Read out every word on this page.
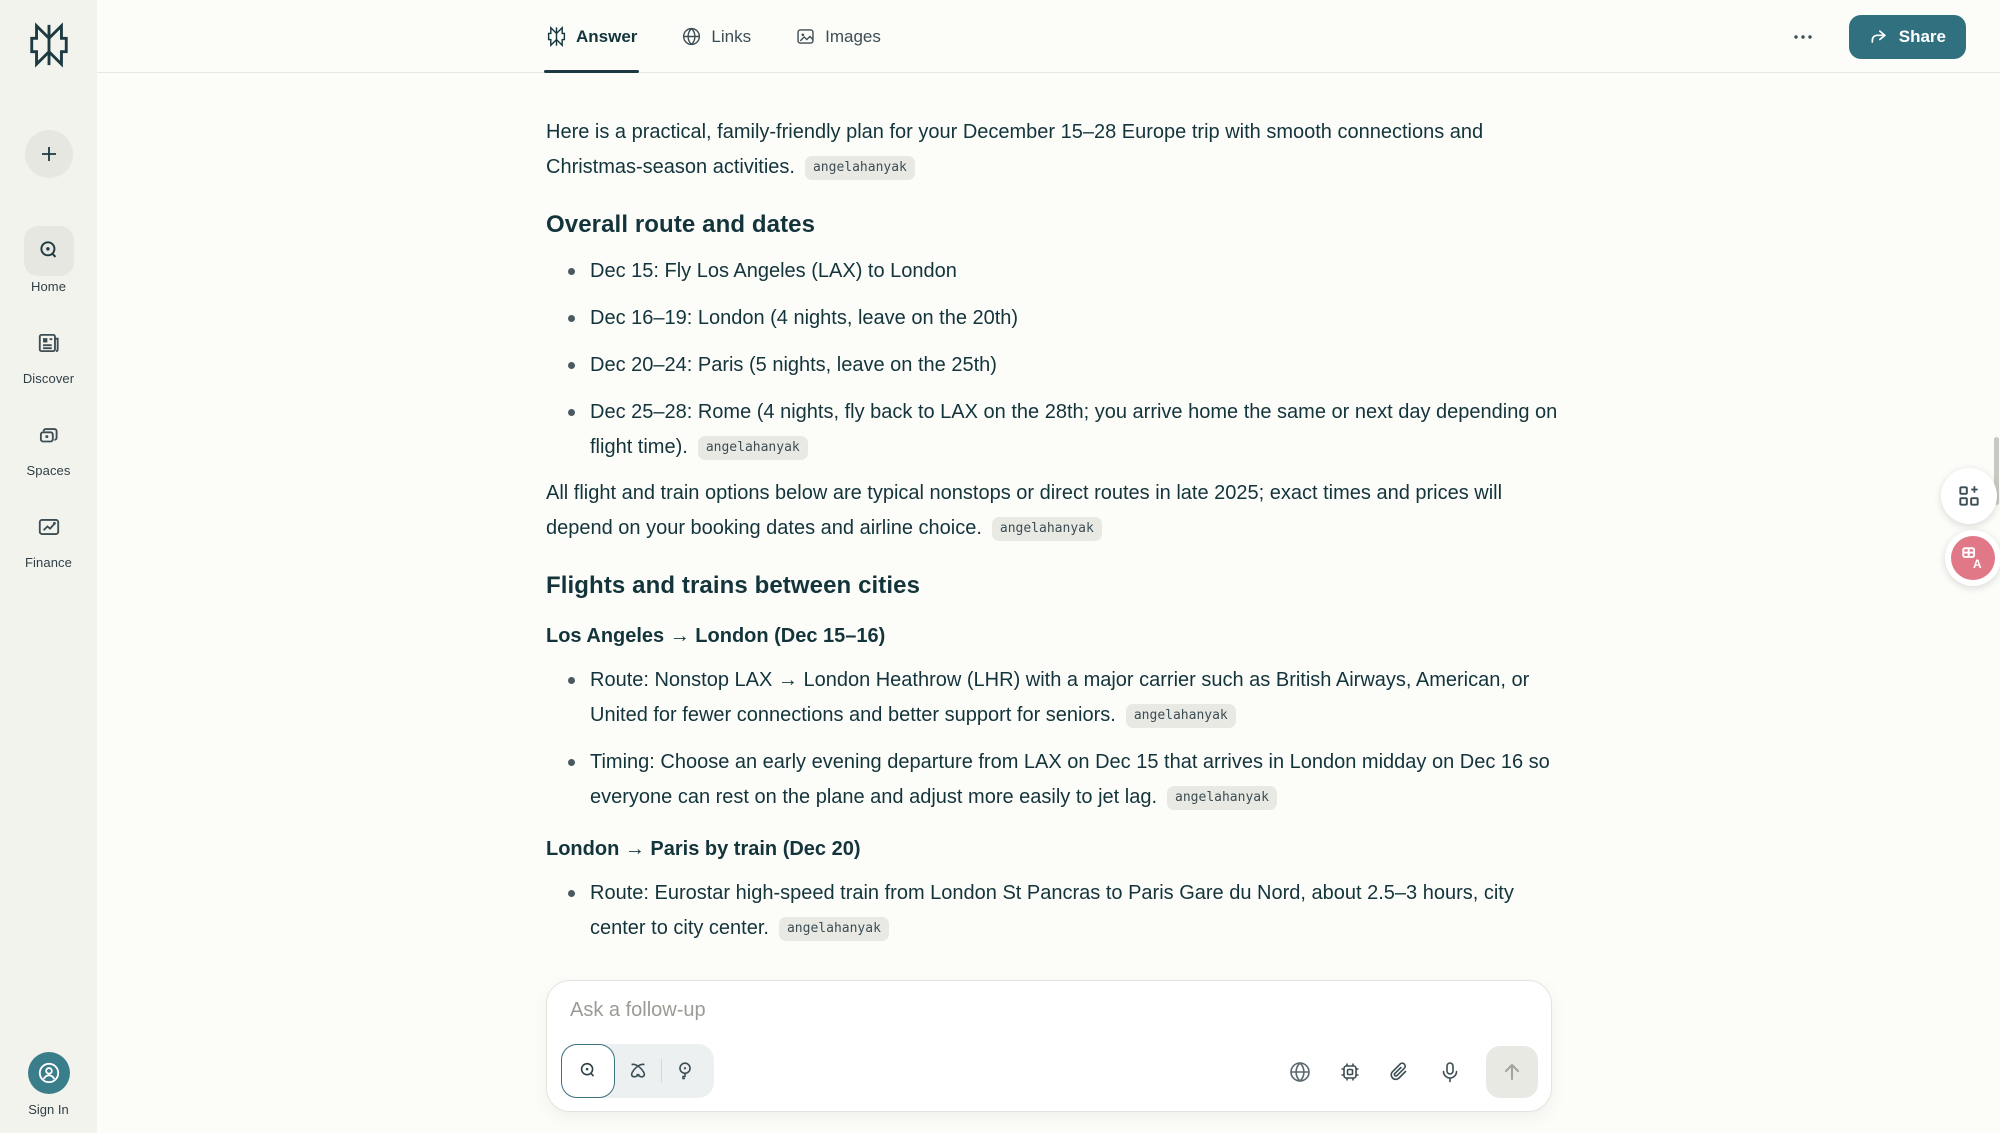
Home
Discover
Spaces
Finance
Sign In
Answer	Links	Images	Share

Here is a practical, family-friendly plan for your December 15–28 Europe trip with smooth connections and Christmas-season activities. angelahanyak

Overall route and dates
Dec 15: Fly Los Angeles (LAX) to London
Dec 16–19: London (4 nights, leave on the 20th)
Dec 20–24: Paris (5 nights, leave on the 25th)
Dec 25–28: Rome (4 nights, fly back to LAX on the 28th; you arrive home the same or next day depending on flight time). angelahanyak

All flight and train options below are typical nonstops or direct routes in late 2025; exact times and prices will depend on your booking dates and airline choice. angelahanyak

Flights and trains between cities
Los Angeles → London (Dec 15–16)
Route: Nonstop LAX → London Heathrow (LHR) with a major carrier such as British Airways, American, or United for fewer connections and better support for seniors. angelahanyak
Timing: Choose an early evening departure from LAX on Dec 15 that arrives in London midday on Dec 16 so everyone can rest on the plane and adjust more easily to jet lag. angelahanyak
London → Paris by train (Dec 20)
Route: Eurostar high-speed train from London St Pancras to Paris Gare du Nord, about 2.5–3 hours, city center to city center. angelahanyak
Ask a follow-up
A
